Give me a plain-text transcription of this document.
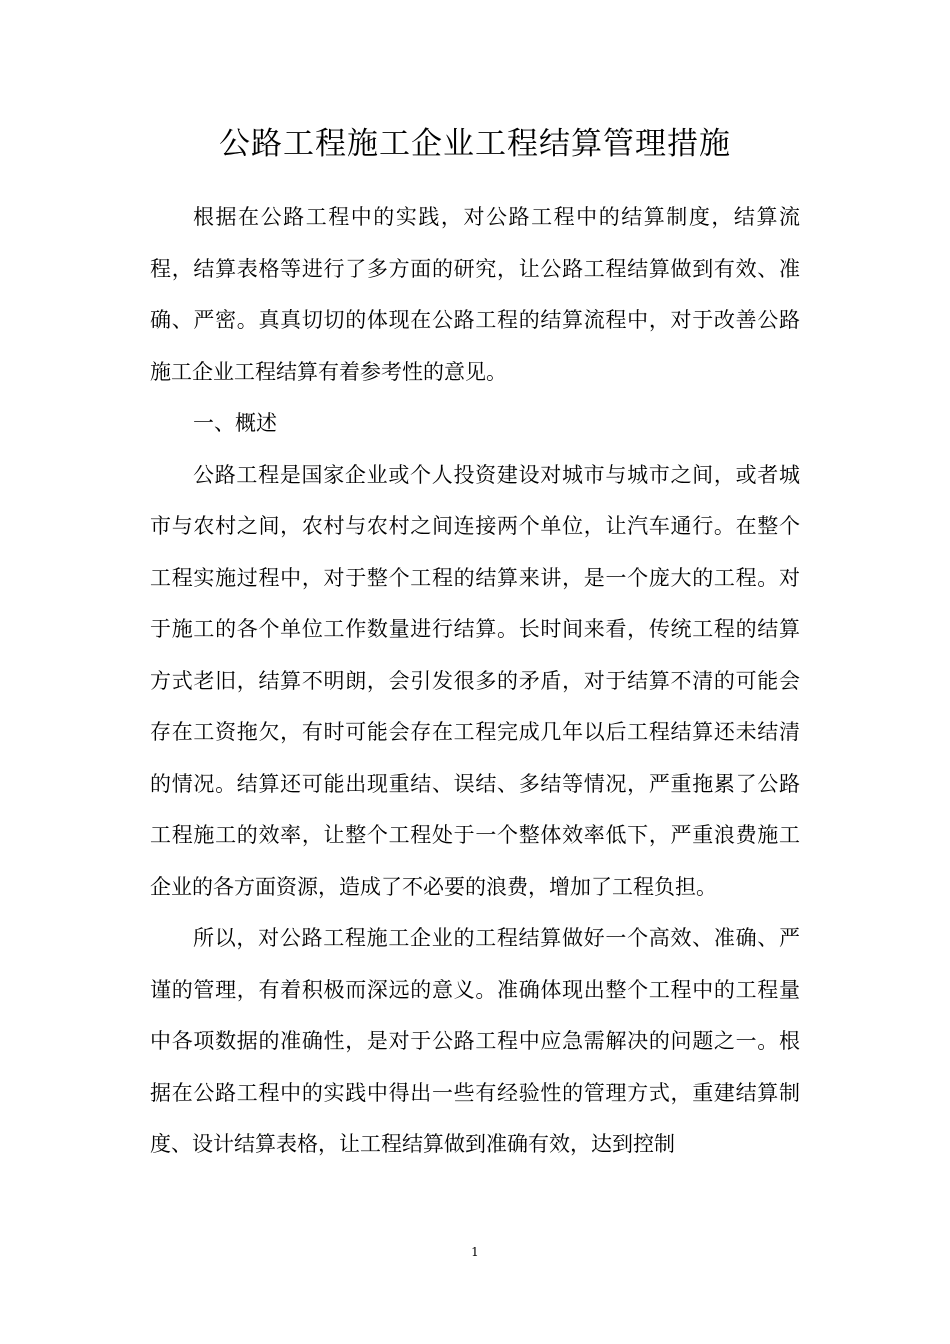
公路工程施工企业工程结算管理措施

根据在公路工程中的实践，对公路工程中的结算制度，结算流程，结算表格等进行了多方面的研究，让公路工程结算做到有效、准确、严密。真真切切的体现在公路工程的结算流程中，对于改善公路施工企业工程结算有着参考性的意见。

一、概述

公路工程是国家企业或个人投资建设对城市与城市之间，或者城市与农村之间，农村与农村之间连接两个单位，让汽车通行。在整个工程实施过程中，对于整个工程的结算来讲，是一个庞大的工程。对于施工的各个单位工作数量进行结算。长时间来看，传统工程的结算方式老旧，结算不明朗，会引发很多的矛盾，对于结算不清的可能会存在工资拖欠，有时可能会存在工程完成几年以后工程结算还未结清的情况。结算还可能出现重结、误结、多结等情况，严重拖累了公路工程施工的效率，让整个工程处于一个整体效率低下，严重浪费施工企业的各方面资源，造成了不必要的浪费，增加了工程负担。

所以，对公路工程施工企业的工程结算做好一个高效、准确、严谨的管理，有着积极而深远的意义。准确体现出整个工程中的工程量中各项数据的准确性，是对于公路工程中应急需解决的问题之一。根据在公路工程中的实践中得出一些有经验性的管理方式，重建结算制度、设计结算表格，让工程结算做到准确有效，达到控制

1
